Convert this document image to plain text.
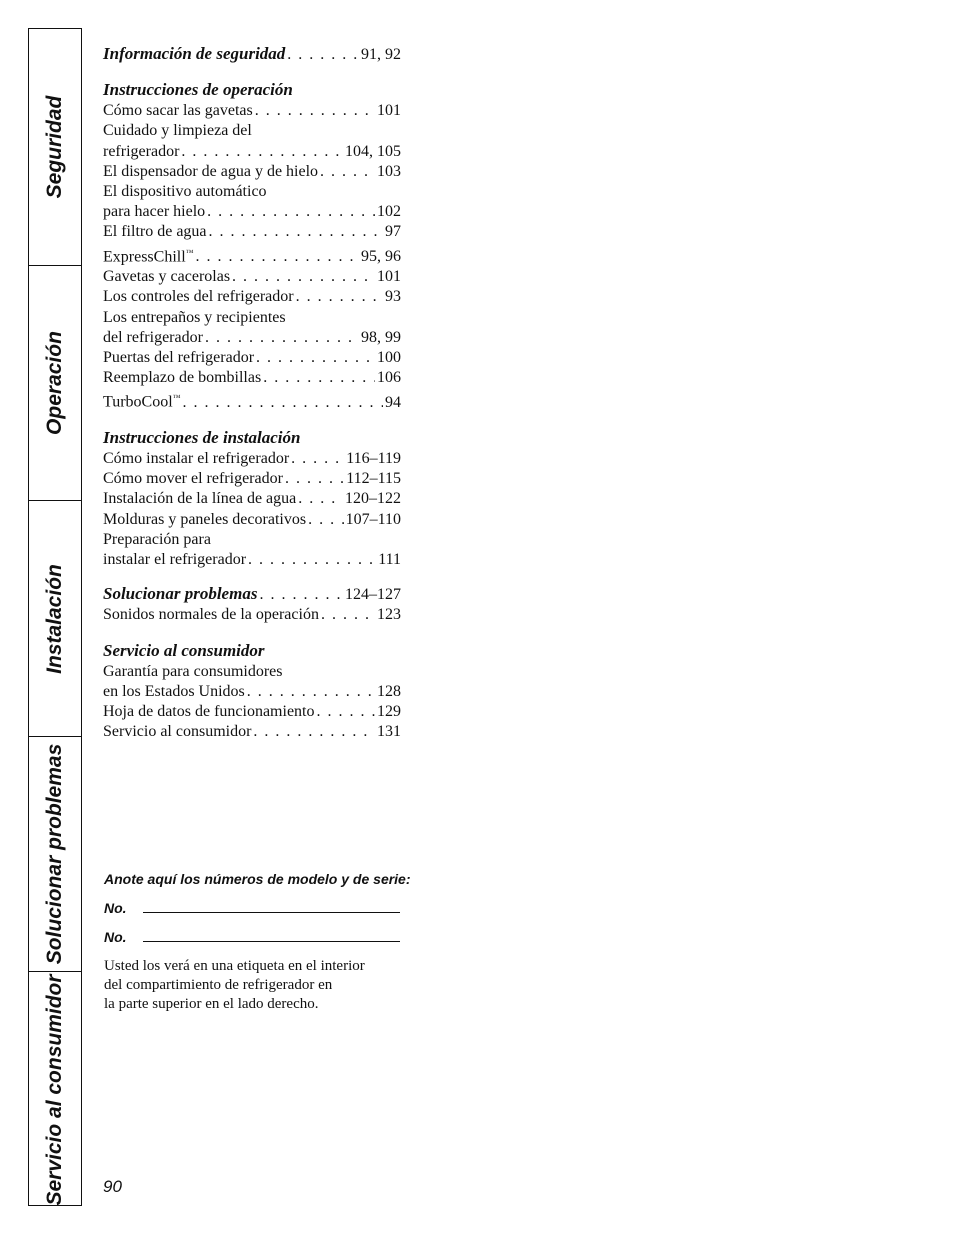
Seguridad
Operación
Instalación
Solucionar problemas
Servicio al consumidor
Información de seguridad . . .	91, 92
Instrucciones de operación
Cómo sacar las gavetas . . .	101
Cuidado y limpieza del
refrigerador . . .	104, 105
El dispensador de agua y de hielo . . .	103
El dispositivo automático
para hacer hielo . . .	102
El filtro de agua . . .	97
ExpressChill™ . . .	95, 96
Gavetas y cacerolas . . .	101
Los controles del refrigerador . . .	93
Los entrepaños y recipientes
del refrigerador . . .	98, 99
Puertas del refrigerador . . .	100
Reemplazo de bombillas . . .	106
TurboCool™ . . .	94
Instrucciones de instalación
Cómo instalar el refrigerador . . .	116–119
Cómo mover el refrigerador . . .	112–115
Instalación de la línea de agua . . .	120–122
Molduras y paneles decorativos . . . 107–110
Preparación para
instalar el refrigerador . . .	111
Solucionar problemas . . .	124–127
Sonidos normales de la operación . . .	123
Servicio al consumidor
Garantía para consumidores
en los Estados Unidos . . .	128
Hoja de datos de funcionamiento . . .	129
Servicio al consumidor . . .	131
Anote aquí los números de modelo y de serie:
No.
No.
Usted los verá en una etiqueta en el interior
del compartimiento de refrigerador en
la parte superior en el lado derecho.
90
